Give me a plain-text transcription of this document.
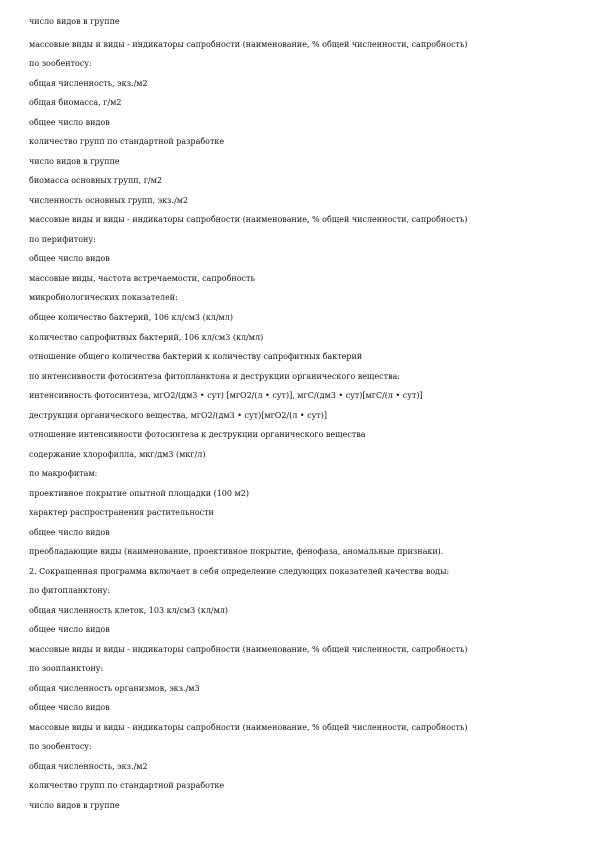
число видов в группе
массовые виды и виды - индикаторы сапробности (наименование, % общей численности, сапробность)
по зообентосу:
общая численность, экз./м2
общая биомасса, г/м2
общее число видов
количество групп по стандартной разработке
число видов в группе
биомасса основных групп, г/м2
численность основных групп, экз./м2
массовые виды и виды - индикаторы сапробности (наименование, % общей численности, сапробность)
по перифитону:
общее число видов
массовые виды, частота встречаемости, сапробность
микробиологических показателей:
общее количество бактерий, 106 кл/см3 (кл/мл)
количество сапрофитных бактерий, 106 кл/см3 (кл/мл)
отношение общего количества бактерий к количеству сапрофитных бактерий
по интенсивности фотосинтеза фитопланктона и деструкции органического вещества:
интенсивность фотосинтеза, мгО2/(дм3 • сут) [мгО2/(л • сут)], мгС/(дм3 • сут)[мгС/(л • сут)]
деструкция органического вещества, мгО2/(дм3 • сут)[мгО2/(л • сут)]
отношение интенсивности фотосинтеза к деструкции органического вещества
содержание хлорофилла, мкг/дм3 (мкг/л)
по макрофитам:
проективное покрытие опытной площадки (100 м2)
характер распространения растительности
общее число видов
преобладающие виды (наименование, проективное покрытие, фенофаза, аномальные признаки).
2. Сокращенная программа включает в себя определение следующих показателей качества воды:
по фитопланктону:
общая численность клеток, 103 кл/см3 (кл/мл)
общее число видов
массовые виды и виды - индикаторы сапробности (наименование, % общей численности, сапробность)
по зоопланктону:
общая численность организмов, экз./м3
общее число видов
массовые виды и виды - индикаторы сапробности (наименование, % общей численности, сапробность)
по зообентосу:
общая численность, экз./м2
количество групп по стандартной разработке
число видов в группе
